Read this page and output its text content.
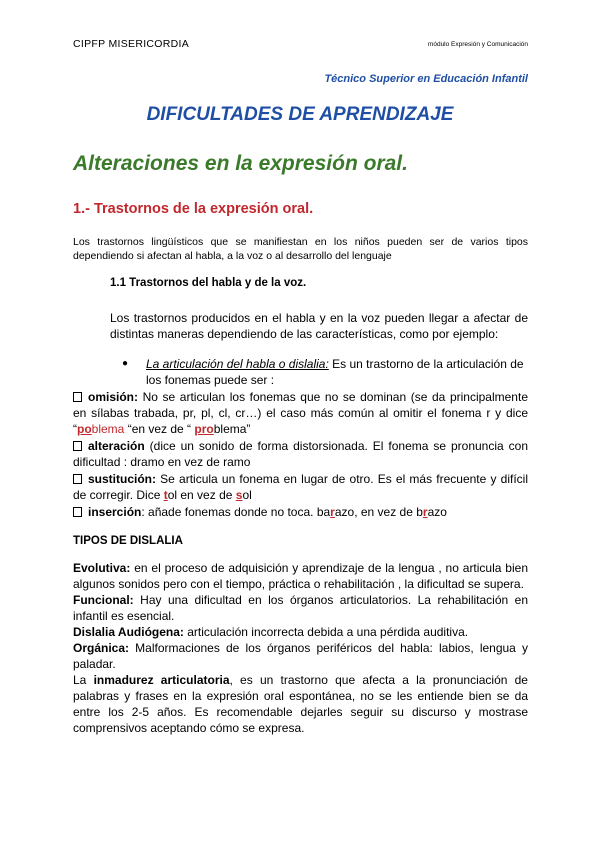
CIPFP MISERICORDIA	módulo Expresión y Comunicación
Técnico Superior en Educación Infantil
DIFICULTADES DE APRENDIZAJE
Alteraciones en la expresión oral.
1.- Trastornos de la expresión oral.
Los trastornos lingüísticos que se manifiestan en los niños pueden ser de varios tipos dependiendo si afectan al habla, a la voz o al desarrollo del lenguaje
1.1 Trastornos del habla y de la voz.
Los trastornos producidos en el habla y en la voz pueden llegar a afectar de distintas maneras dependiendo de las características, como por ejemplo:
●	La articulación del habla o dislalia: Es un trastorno de la articulación de los fonemas puede ser :

omisión: No se articulan los fonemas que no se dominan (se da principalmente en sílabas trabada, pr, pl, cl, cr…) el caso más común al omitir el fonema r y dice “poblema “en vez de “ problema”

alteración (dice un sonido de forma distorsionada. El fonema se pronuncia con dificultad : dramo en vez de ramo

sustitución: Se articula un fonema en lugar de otro. Es el más frecuente y difícil de corregir. Dice tol en vez de sol

inserción: añade fonemas donde no toca. barazo, en vez de brazo

TIPOS DE DISLALIA

Evolutiva: en el proceso de adquisición y aprendizaje de la lengua , no articula bien algunos sonidos pero con el tiempo, práctica o rehabilitación , la dificultad se supera.

Funcional: Hay una dificultad en los órganos articulatorios. La rehabilitación en infantil es esencial.

Dislalia Audiógena: articulación incorrecta debida a una pérdida auditiva.

Orgánica: Malformaciones de los órganos periféricos del habla: labios, lengua y paladar.

La inmadurez articulatoria, es un trastorno que afecta a la pronunciación de palabras y frases en la expresión oral espontánea, no se les entiende bien se da entre los 2-5 años. Es recomendable dejarles seguir su discurso y mostrase comprensivos aceptando cómo se expresa.
